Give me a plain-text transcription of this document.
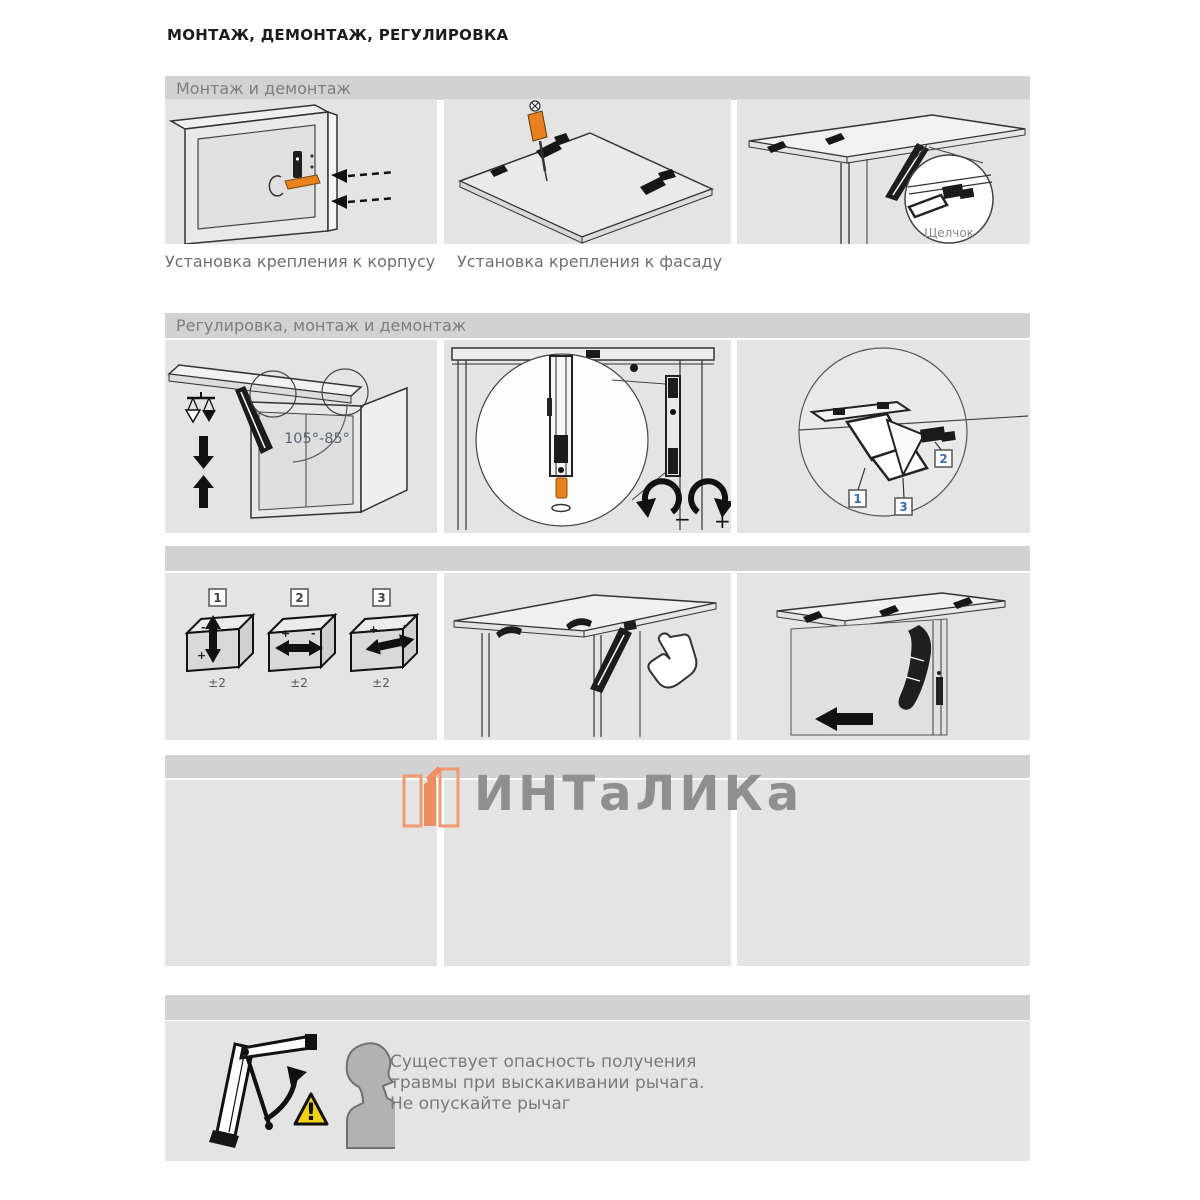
МОНТАЖ, ДЕМОНТАЖ, РЕГУЛИРОВКА
Монтаж и демонтаж
Щелчок
Установка крепления к корпусу Установка крепления к фасаду
Регулировка, монтаж и демонтаж
105°-85°
− +
2
1
3
1
-
+
±2
2
+ -
±2
3
+ -
±2
ИНТаЛИКа
!
Существует опасность получения
травмы при выскакивании рычага.
Не опускайте рычаг
